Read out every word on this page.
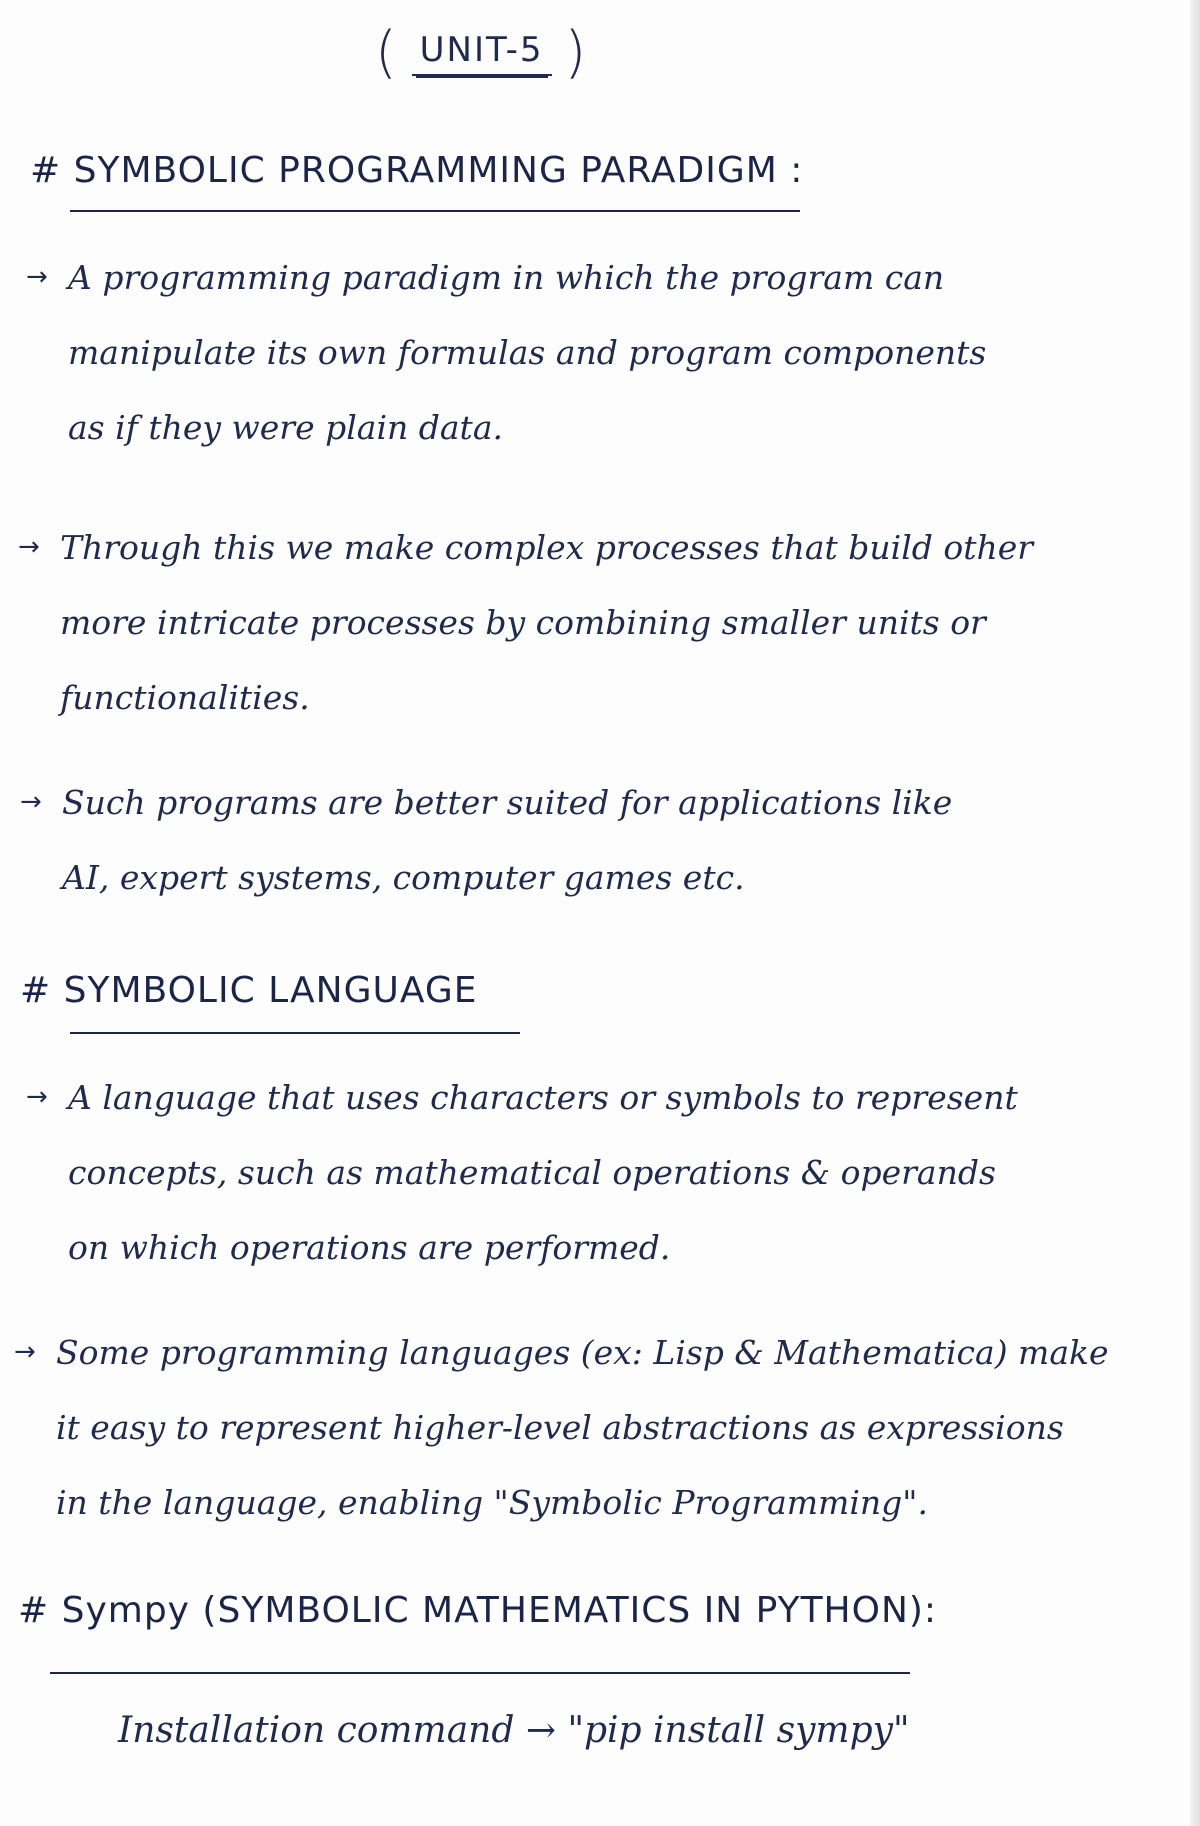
( UNIT-5 )
# SYMBOLIC PROGRAMMING PARADIGM :
→ A programming paradigm in which the program can

manipulate its own formulas and program components

as if they were plain data.

→ Through this we make complex processes that build other

more intricate processes by combining smaller units or

functionalities.

→ Such programs are better suited for applications like

AI, expert systems, computer games etc.

# SYMBOLIC LANGUAGE
→ A language that uses characters or symbols to represent

concepts, such as mathematical operations & operands

on which operations are performed.

→ Some programming languages (ex: Lisp & Mathematica) make

it easy to represent higher-level abstractions as expressions

in the language, enabling "Symbolic Programming".

# Sympy (SYMBOLIC MATHEMATICS IN PYTHON):
Installation command → "pip install sympy"
